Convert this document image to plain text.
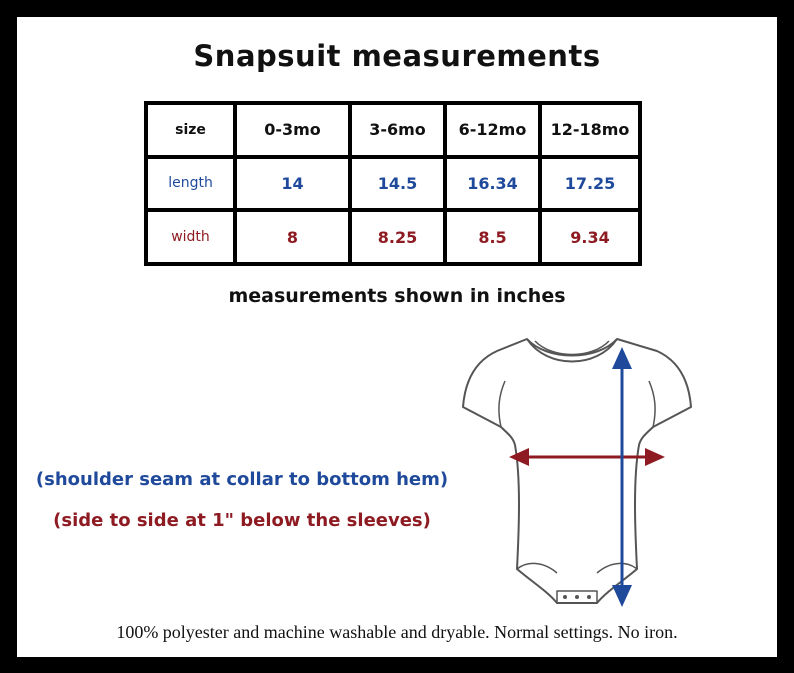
Snapsuit measurements
size	0-3mo	3-6mo	6-12mo	12-18mo
length	14	14.5	16.34	17.25
width	8	8.25	8.5	9.34
measurements shown in inches
(shoulder seam at collar to bottom hem)
(side to side at 1" below the sleeves)
100% polyester and machine washable and dryable. Normal settings. No iron.
